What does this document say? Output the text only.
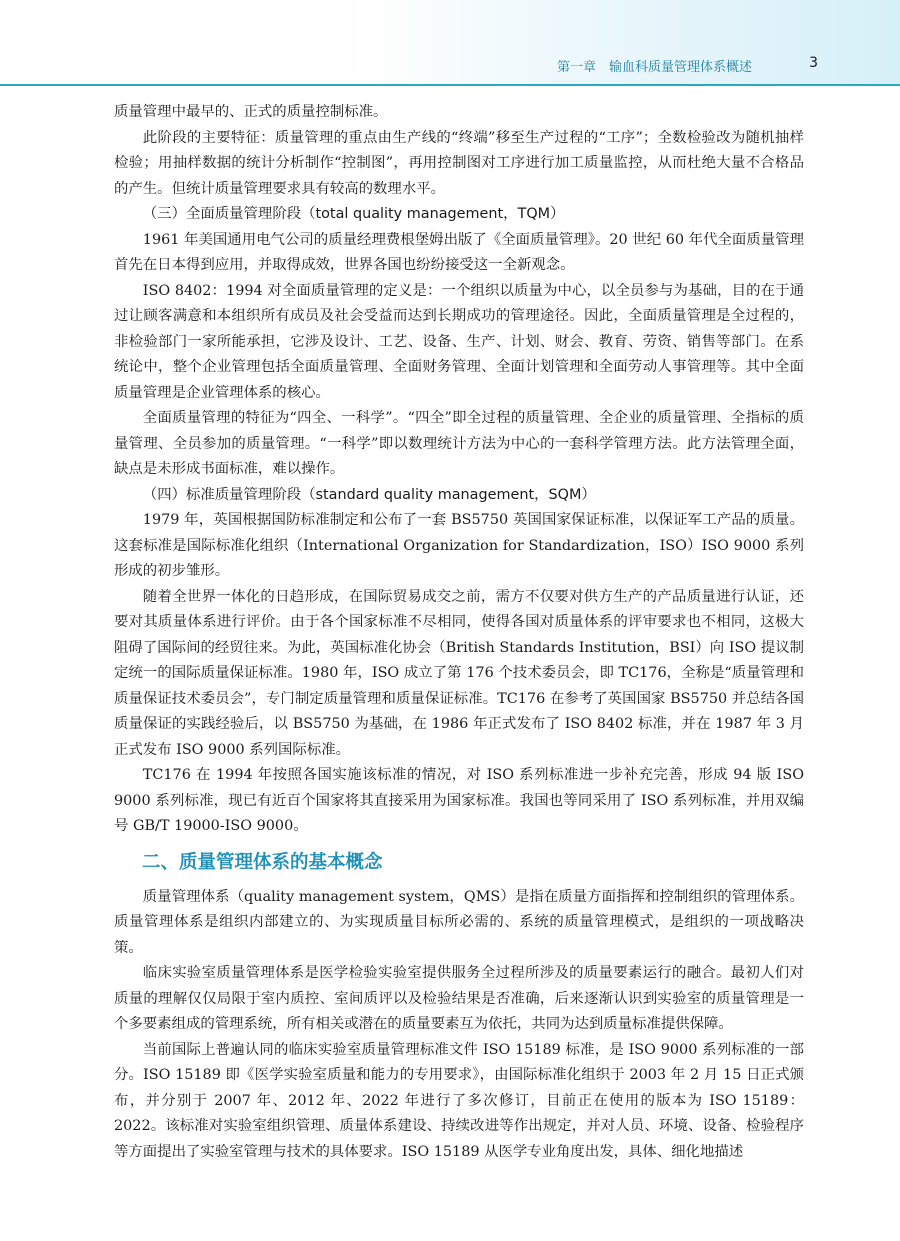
第一章　输血科质量管理体系概述	3

质量管理中最早的、正式的质量控制标准。

此阶段的主要特征：质量管理的重点由生产线的“终端”移至生产过程的“工序”；全数检验改为随机抽样检验；用抽样数据的统计分析制作“控制图”，再用控制图对工序进行加工质量监控，从而杜绝大量不合格品的产生。但统计质量管理要求具有较高的数理水平。

（三）全面质量管理阶段（total quality management，TQM）

1961 年美国通用电气公司的质量经理费根堡姆出版了《全面质量管理》。20 世纪 60 年代全面质量管理首先在日本得到应用，并取得成效，世界各国也纷纷接受这一全新观念。

ISO 8402：1994 对全面质量管理的定义是：一个组织以质量为中心，以全员参与为基础，目的在于通过让顾客满意和本组织所有成员及社会受益而达到长期成功的管理途径。因此，全面质量管理是全过程的，非检验部门一家所能承担，它涉及设计、工艺、设备、生产、计划、财会、教育、劳资、销售等部门。在系统论中，整个企业管理包括全面质量管理、全面财务管理、全面计划管理和全面劳动人事管理等。其中全面质量管理是企业管理体系的核心。

全面质量管理的特征为“四全、一科学”。“四全”即全过程的质量管理、全企业的质量管理、全指标的质量管理、全员参加的质量管理。“一科学”即以数理统计方法为中心的一套科学管理方法。此方法管理全面，缺点是未形成书面标准，难以操作。

（四）标准质量管理阶段（standard quality management，SQM）

1979 年，英国根据国防标准制定和公布了一套 BS5750 英国国家保证标准，以保证军工产品的质量。这套标准是国际标准化组织（International Organization for Standardization，ISO）ISO 9000 系列形成的初步雏形。

随着全世界一体化的日趋形成，在国际贸易成交之前，需方不仅要对供方生产的产品质量进行认证，还要对其质量体系进行评价。由于各个国家标准不尽相同，使得各国对质量体系的评审要求也不相同，这极大阻碍了国际间的经贸往来。为此，英国标准化协会（British Standards Institution，BSI）向 ISO 提议制定统一的国际质量保证标准。1980 年，ISO 成立了第 176 个技术委员会，即 TC176，全称是“质量管理和质量保证技术委员会”，专门制定质量管理和质量保证标准。TC176 在参考了英国国家 BS5750 并总结各国质量保证的实践经验后，以 BS5750 为基础，在 1986 年正式发布了 ISO 8402 标准，并在 1987 年 3 月正式发布 ISO 9000 系列国际标准。

TC176 在 1994 年按照各国实施该标准的情况，对 ISO 系列标准进一步补充完善，形成 94 版 ISO 9000 系列标准，现已有近百个国家将其直接采用为国家标准。我国也等同采用了 ISO 系列标准，并用双编号 GB/T 19000-ISO 9000。

二、质量管理体系的基本概念

质量管理体系（quality management system，QMS）是指在质量方面指挥和控制组织的管理体系。质量管理体系是组织内部建立的、为实现质量目标所必需的、系统的质量管理模式，是组织的一项战略决策。

临床实验室质量管理体系是医学检验实验室提供服务全过程所涉及的质量要素运行的融合。最初人们对质量的理解仅仅局限于室内质控、室间质评以及检验结果是否准确，后来逐渐认识到实验室的质量管理是一个多要素组成的管理系统，所有相关或潜在的质量要素互为依托，共同为达到质量标准提供保障。

当前国际上普遍认同的临床实验室质量管理标准文件 ISO 15189 标准，是 ISO 9000 系列标准的一部分。ISO 15189 即《医学实验室质量和能力的专用要求》，由国际标准化组织于 2003 年 2 月 15 日正式颁布，并分别于 2007 年、2012 年、2022 年进行了多次修订，目前正在使用的版本为 ISO 15189：2022。该标准对实验室组织管理、质量体系建设、持续改进等作出规定，并对人员、环境、设备、检验程序等方面提出了实验室管理与技术的具体要求。ISO 15189 从医学专业角度出发，具体、细化地描述
